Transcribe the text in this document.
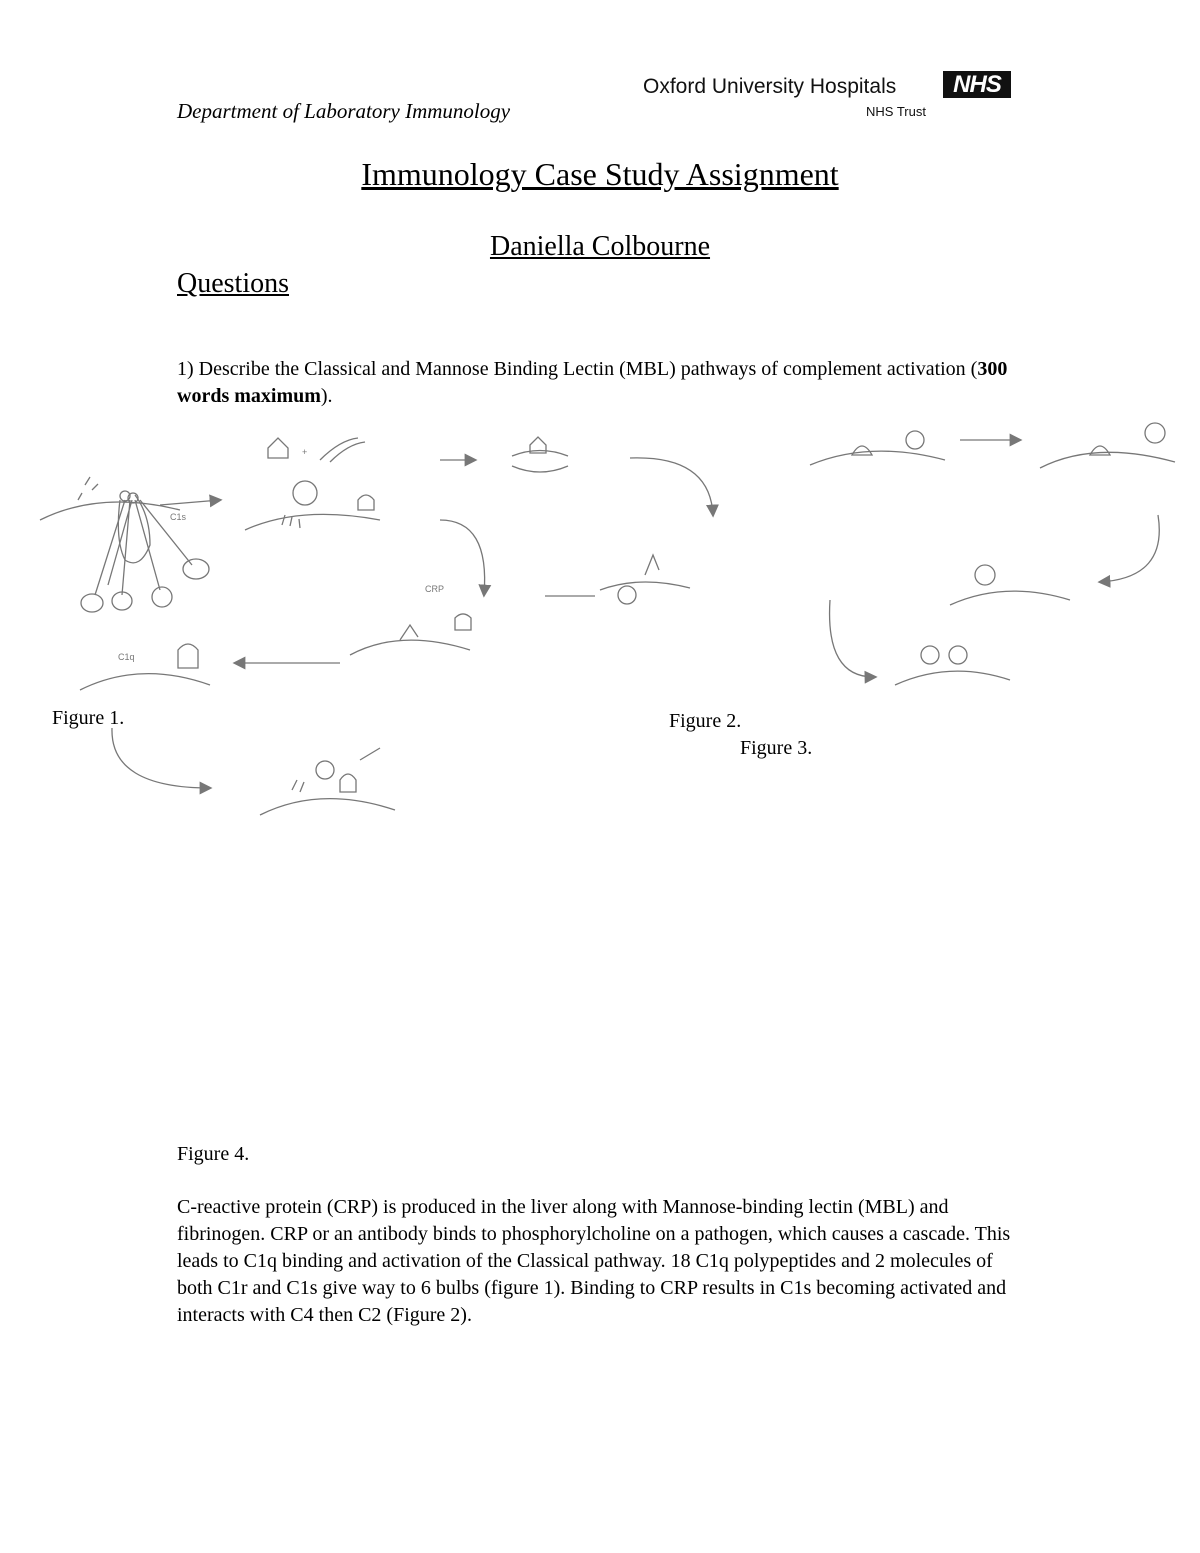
Department of Laboratory Immunology
Oxford University Hospitals	NHS
NHS Trust
Immunology Case Study Assignment
Daniella Colbourne
Questions
1) Describe the Classical and Mannose Binding Lectin (MBL) pathways of complement activation (300 words maximum).
C1s
+
CRP
C1q
Figure 1.	Figure 2.
Figure 3.
Figure 4.
C-reactive protein (CRP) is produced in the liver along with Mannose-binding lectin (MBL) and fibrinogen. CRP or an antibody binds to phosphorylcholine on a pathogen, which causes a cascade. This leads to C1q binding and activation of the Classical pathway. 18 C1q polypeptides and 2 molecules of both C1r and C1s give way to 6 bulbs (figure 1). Binding to CRP results in C1s becoming activated and interacts with C4 then C2 (Figure 2).
